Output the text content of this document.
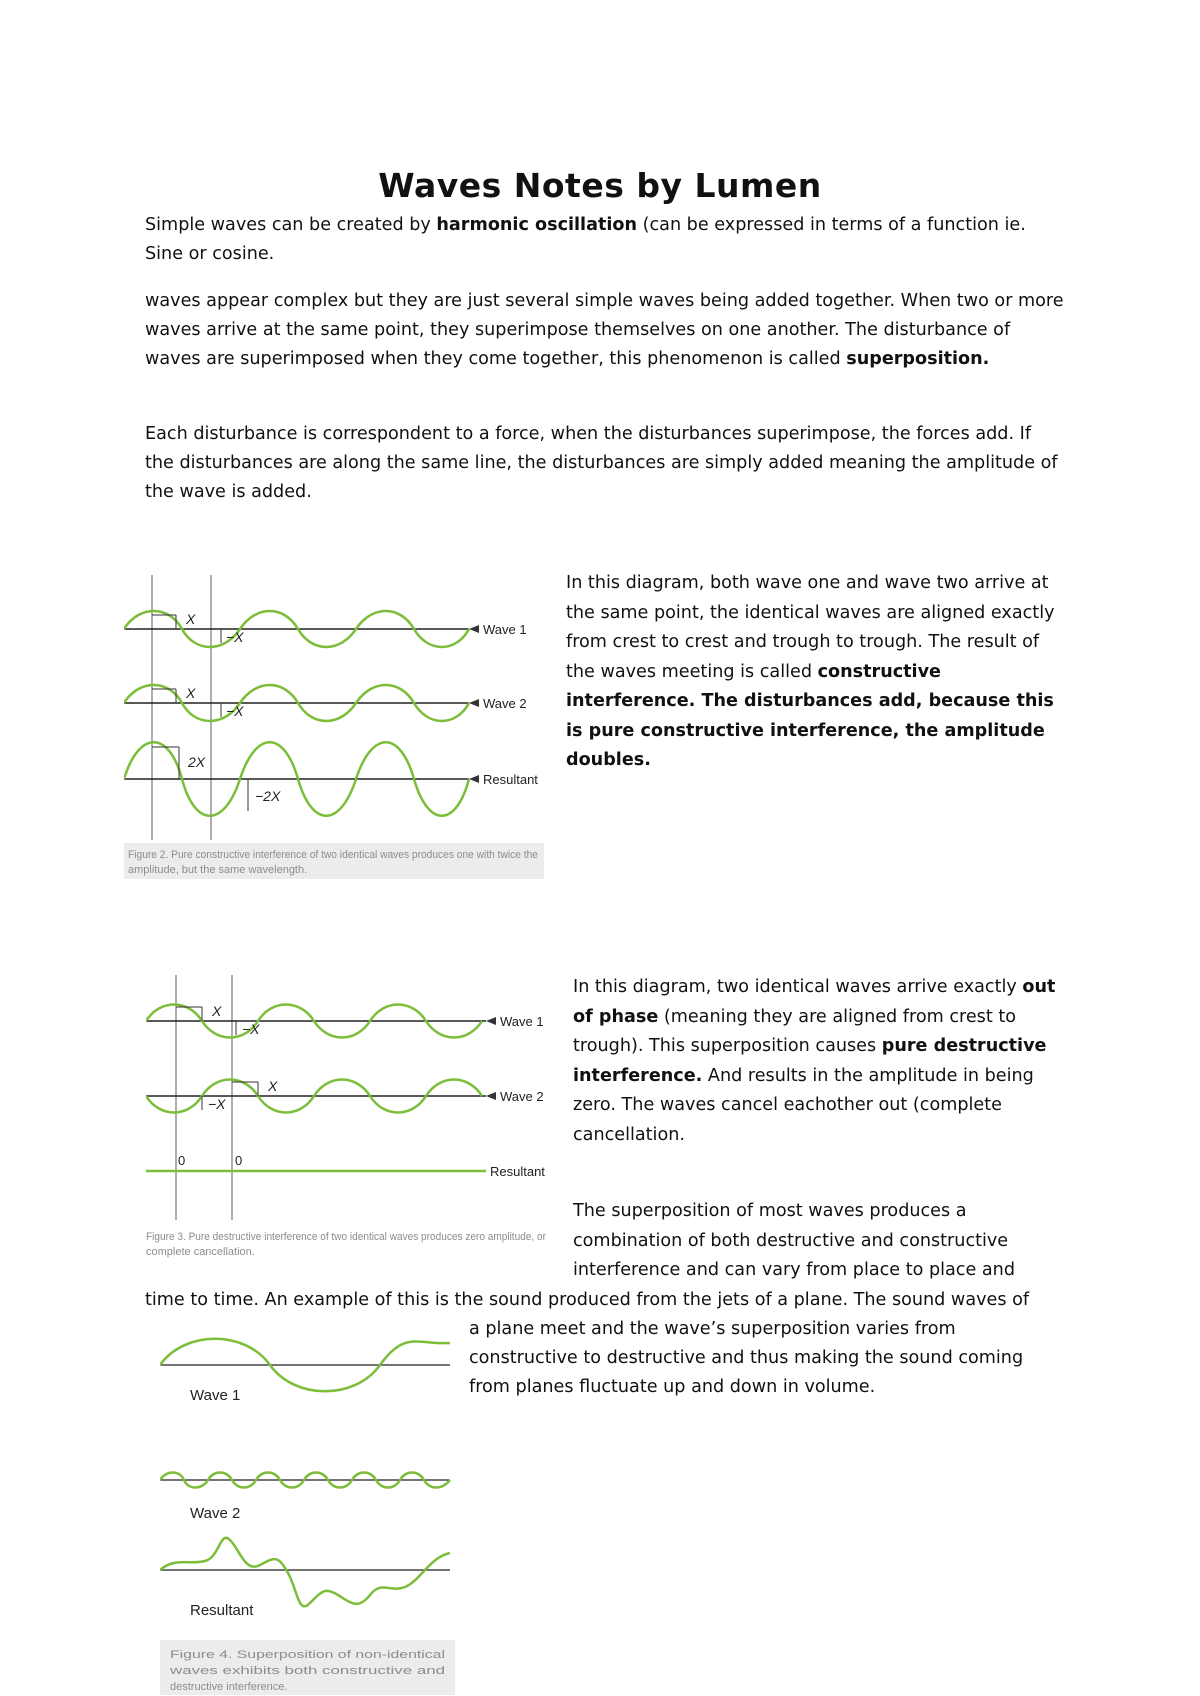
Waves Notes by Lumen

Simple waves can be created by harmonic oscillation (can be expressed in terms of a function ie. Sine or cosine.

waves appear complex but they are just several simple waves being added together. When two or more waves arrive at the same point, they superimpose themselves on one another. The disturbance of waves are superimposed when they come together, this phenomenon is called superposition.

Each disturbance is correspondent to a force, when the disturbances superimpose, the forces add. If the disturbances are along the same line, the disturbances are simply added meaning the amplitude of the wave is added.

X
−X
X
−X
2X
−2X
Wave 1
Wave 2
Resultant
Figure 2. Pure constructive interference of two identical waves produces one with twice the
amplitude, but the same wavelength.

In this diagram, both wave one and wave two arrive at the same point, the identical waves are aligned exactly from crest to crest and trough to trough. The result of the waves meeting is called constructive interference. The disturbances add, because this is pure constructive interference, the amplitude doubles.

X
−X
X
−X
0	0
Wave 1
Wave 2
Resultant
Figure 3. Pure destructive interference of two identical waves produces zero amplitude, or
complete cancellation.

In this diagram, two identical waves arrive exactly out of phase (meaning they are aligned from crest to trough). This superposition causes pure destructive interference. And results in the amplitude in being zero. The waves cancel eachother out (complete cancellation.

The superposition of most waves produces a combination of both destructive and constructive interference and can vary from place to place and

time to time. An example of this is the sound produced from the jets of a plane. The sound waves of

a plane meet and the wave’s superposition varies from
constructive to destructive and thus making the sound coming
from planes fluctuate up and down in volume.

Wave 1
Wave 2
Resultant
Figure 4. Superposition of non-identical
waves exhibits both constructive and
destructive interference.
